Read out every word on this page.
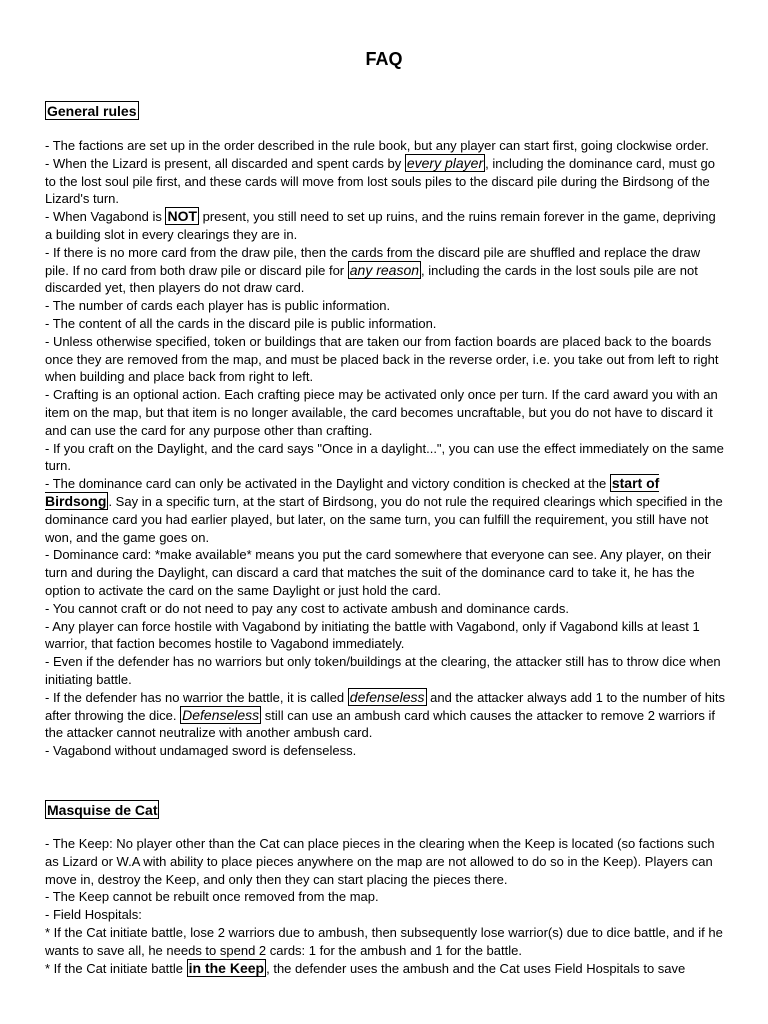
FAQ
General rules

- The factions are set up in the order described in the rule book, but any player can start first, going clockwise order.

- When the Lizard is present, all discarded and spent cards by every player , including the dominance card, must go to the lost soul pile first, and these cards will move from lost souls piles to the discard pile during the Birdsong of the Lizard's turn.

- When Vagabond is NOT present, you still need to set up ruins, and the ruins remain forever in the game, depriving a building slot in every clearings they are in.

- If there is no more card from the draw pile, then the cards from the discard pile are shuffled and replace the draw pile. If no card from both draw pile or discard pile for any reason , including the cards in the lost souls pile are not discarded yet, then players do not draw card.

- The number of cards each player has is public information.

- The content of all the cards in the discard pile is public information.

- Unless otherwise specified, token or buildings that are taken our from faction boards are placed back to the boards once they are removed from the map, and must be placed back in the reverse order, i.e. you take out from left to right when building and place back from right to left.

- Crafting is an optional action. Each crafting piece may be activated only once per turn. If the card award you with an item on the map, but that item is no longer available, the card becomes uncraftable, but you do not have to discard it and can use the card for any purpose other than crafting.

- If you craft on the Daylight, and the card says "Once in a daylight...", you can use the effect immediately on the same turn.

- The dominance card can only be activated in the Daylight and victory condition is checked at the start of Birdsong . Say in a specific turn, at the start of Birdsong, you do not rule the required clearings which specified in the dominance card you had earlier played, but later, on the same turn, you can fulfill the requirement, you still have not won, and the game goes on.

- Dominance card: *make available* means you put the card somewhere that everyone can see. Any player, on their turn and during the Daylight, can discard a card that matches the suit of the dominance card to take it, he has the option to activate the card on the same Daylight or just hold the card.

- You cannot craft or do not need to pay any cost to activate ambush and dominance cards.

- Any player can force hostile with Vagabond by initiating the battle with Vagabond, only if Vagabond kills at least 1 warrior, that faction becomes hostile to Vagabond immediately.

- Even if the defender has no warriors but only token/buildings at the clearing, the attacker still has to throw dice when initiating battle.

- If the defender has no warrior the battle, it is called defenseless and the attacker always add 1 to the number of hits after throwing the dice. Defenseless still can use an ambush card which causes the attacker to remove 2 warriors if the attacker cannot neutralize with another ambush card.

- Vagabond without undamaged sword is defenseless.

Masquise de Cat

- The Keep: No player other than the Cat can place pieces in the clearing when the Keep is located (so factions such as Lizard or W.A with ability to place pieces anywhere on the map are not allowed to do so in the Keep). Players can move in, destroy the Keep, and only then they can start placing the pieces there.

- The Keep cannot be rebuilt once removed from the map.

- Field Hospitals:

* If the Cat initiate battle, lose 2 warriors due to ambush, then subsequently lose warrior(s) due to dice battle, and if he wants to save all, he needs to spend 2 cards: 1 for the ambush and 1 for the battle.

* If the Cat initiate battle in the Keep , the defender uses the ambush and the Cat uses Field Hospitals to save
